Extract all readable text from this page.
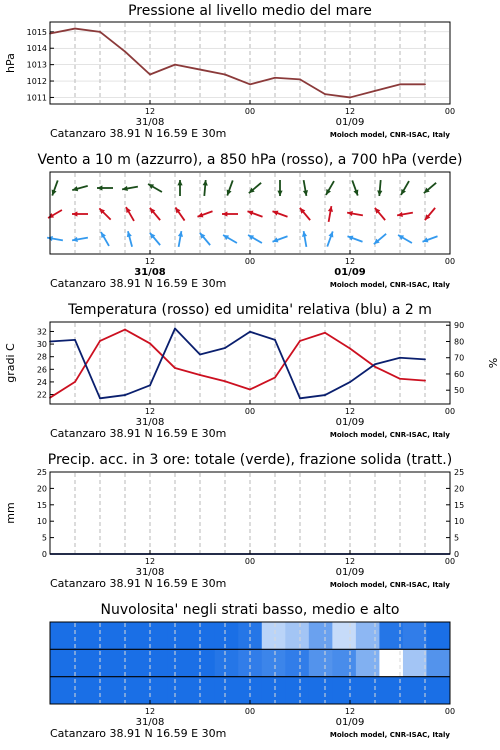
Pressione al livello medio del mare
1011
1012
1013
1014
1015
hPa
12	00	12	00
31/08	01/09
Catanzaro 38.91 N 16.59 E 30m	Moloch model, CNR-ISAC, Italy
Vento a 10 m (azzurro), a 850 hPa (rosso), a 700 hPa (verde)
12	00	12	00
31/08	01/09
Catanzaro 38.91 N 16.59 E 30m	Moloch model, CNR-ISAC, Italy
Temperatura (rosso) ed umidita' relativa (blu) a 2 m
22
24
26
28
30
32
50
60
70
80
90
gradi C	%
12	00	12	00
31/08	01/09
Catanzaro 38.91 N 16.59 E 30m	Moloch model, CNR-ISAC, Italy
Precip. acc. in 3 ore: totale (verde), frazione solida (tratt.)
0
5
10
15
20
25
0
5
10
15
20
25
mm
12	00	12	00
31/08	01/09
Catanzaro 38.91 N 16.59 E 30m	Moloch model, CNR-ISAC, Italy
Nuvolosita' negli strati basso, medio e alto
12	00	12	00
31/08	01/09
Catanzaro 38.91 N 16.59 E 30m	Moloch model, CNR-ISAC, Italy
